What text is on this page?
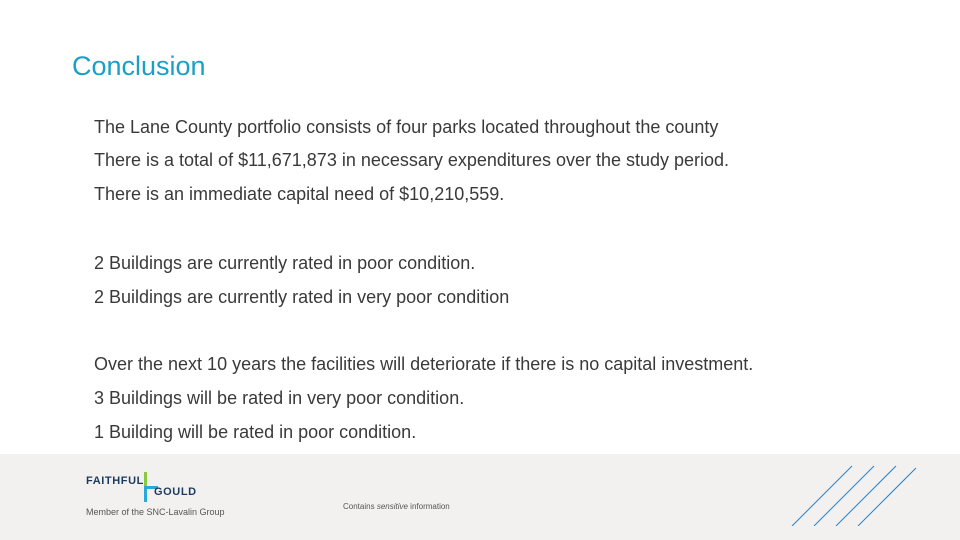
Conclusion
The Lane County portfolio consists of four parks located throughout the county
There is a total of $11,671,873 in necessary expenditures over the study period.
There is an immediate capital need of $10,210,559.
2 Buildings are currently rated in poor condition.
2 Buildings are currently rated in very poor condition
Over the next 10 years the facilities will deteriorate if there is no capital investment.
3 Buildings will be rated in very poor condition.
1 Building will be rated in poor condition.
FAITHFUL
GOULD
Member of the SNC-Lavalin Group
Contains sensitive information
